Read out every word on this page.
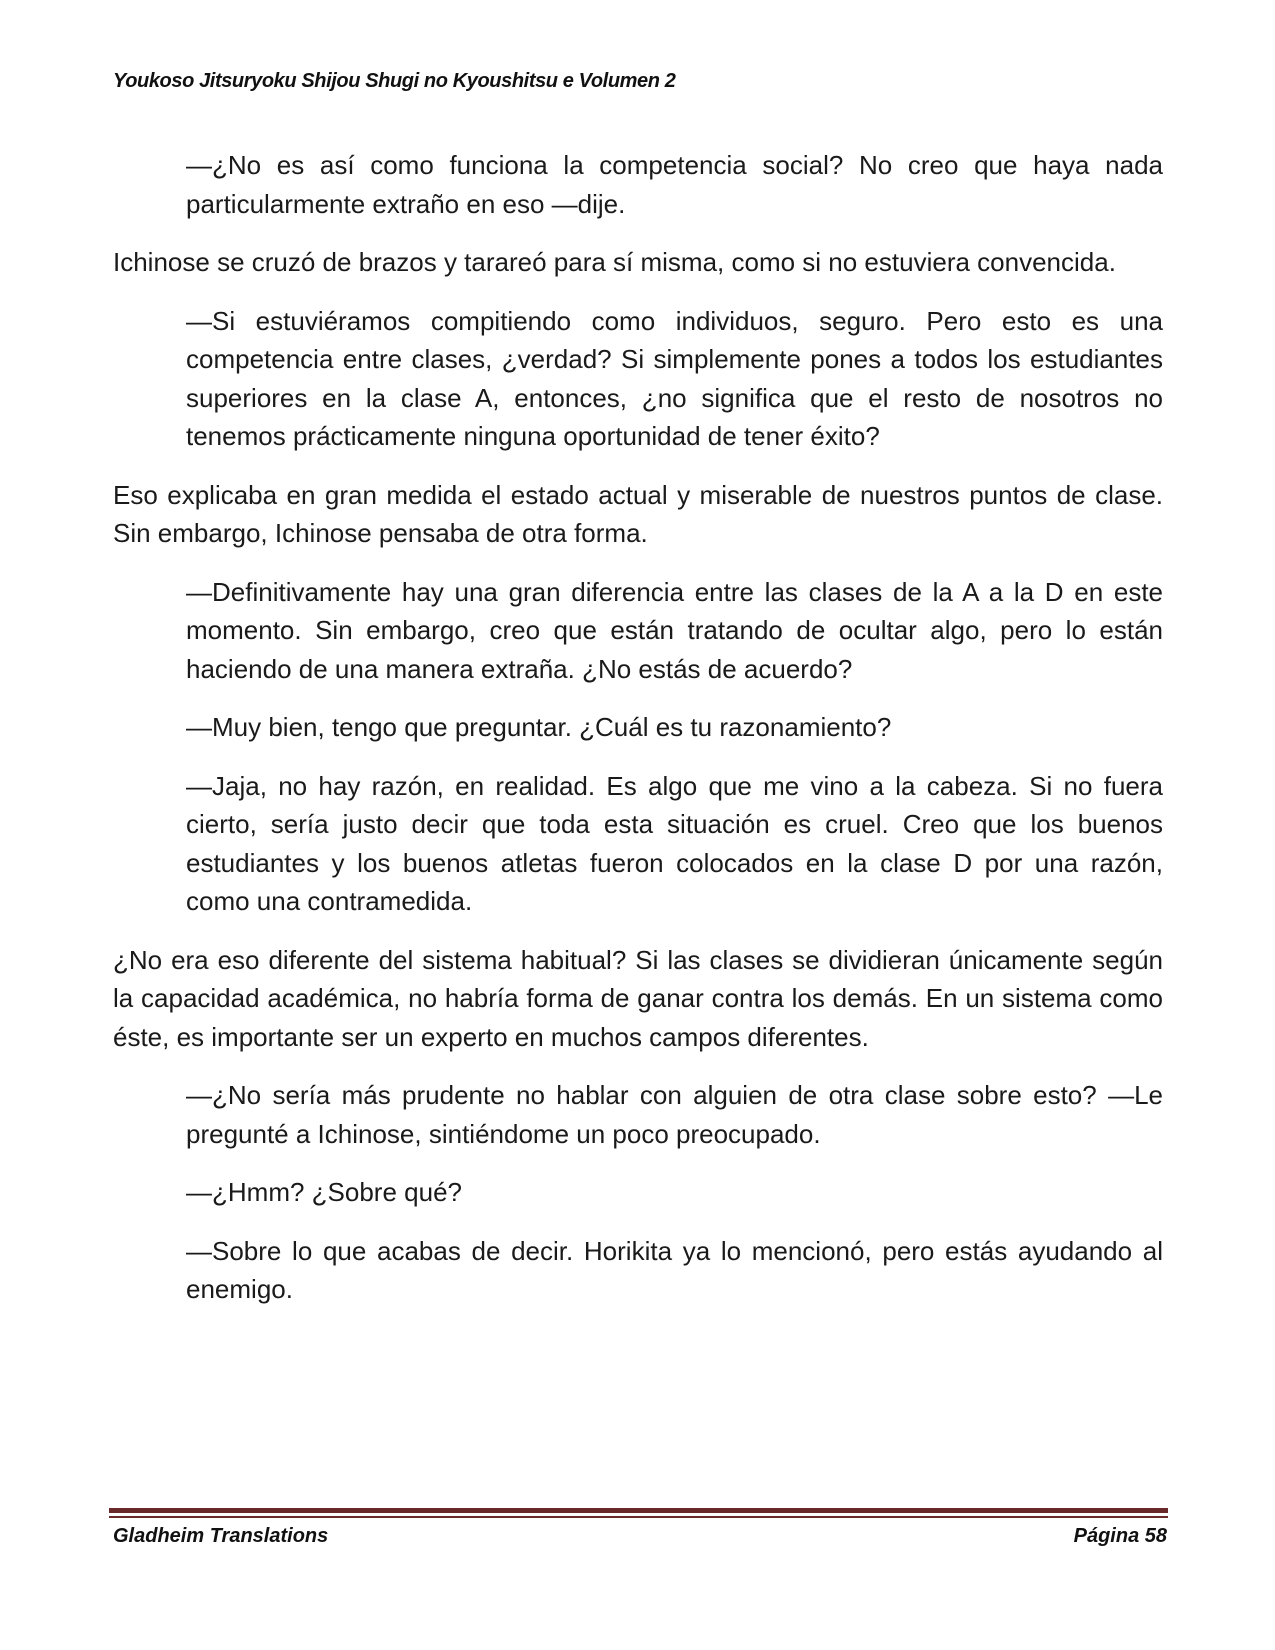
Youkoso Jitsuryoku Shijou Shugi no Kyoushitsu e Volumen 2

—¿No es así como funciona la competencia social? No creo que haya nada particularmente extraño en eso —dije.

Ichinose se cruzó de brazos y tarareó para sí misma, como si no estuviera convencida.

—Si estuviéramos compitiendo como individuos, seguro. Pero esto es una competencia entre clases, ¿verdad? Si simplemente pones a todos los estudiantes superiores en la clase A, entonces, ¿no significa que el resto de nosotros no tenemos prácticamente ninguna oportunidad de tener éxito?

Eso explicaba en gran medida el estado actual y miserable de nuestros puntos de clase. Sin embargo, Ichinose pensaba de otra forma.

—Definitivamente hay una gran diferencia entre las clases de la A a la D en este momento. Sin embargo, creo que están tratando de ocultar algo, pero lo están haciendo de una manera extraña. ¿No estás de acuerdo?

—Muy bien, tengo que preguntar. ¿Cuál es tu razonamiento?

—Jaja, no hay razón, en realidad. Es algo que me vino a la cabeza. Si no fuera cierto, sería justo decir que toda esta situación es cruel. Creo que los buenos estudiantes y los buenos atletas fueron colocados en la clase D por una razón, como una contramedida.

¿No era eso diferente del sistema habitual? Si las clases se dividieran únicamente según la capacidad académica, no habría forma de ganar contra los demás. En un sistema como éste, es importante ser un experto en muchos campos diferentes.

—¿No sería más prudente no hablar con alguien de otra clase sobre esto? —Le pregunté a Ichinose, sintiéndome un poco preocupado.

—¿Hmm? ¿Sobre qué?

—Sobre lo que acabas de decir. Horikita ya lo mencionó, pero estás ayudando al enemigo.

Gladheim Translations	Página 58
